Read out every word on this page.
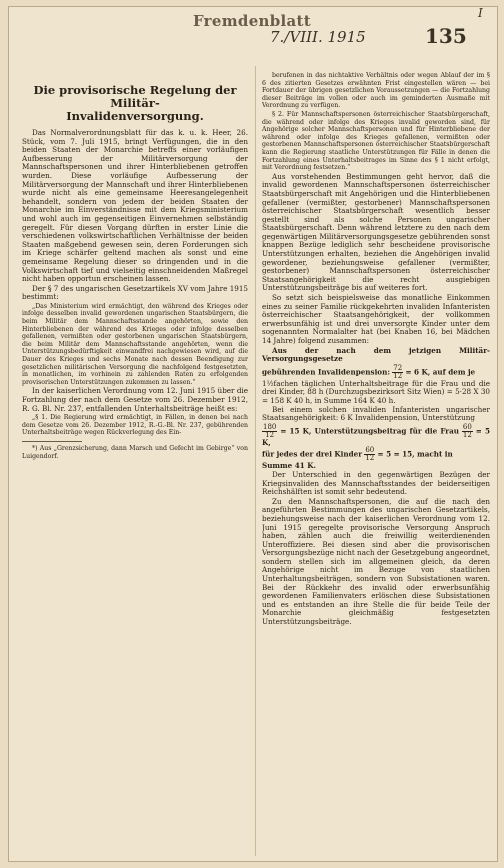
Fremdenblatt
7./VIII. 1915	135
I
Die provisorische Regelung der Militär-
Invalidenversorgung.

Das Normalverordnungsblatt für das k. u. k. Heer, 26. Stück, vom 7. Juli 1915, bringt Verfügungen, die in den beiden Staaten der Monarchie betreffs einer vorläufigen Aufbesserung der Militärversorgung der Mannschaftspersonen und ihrer Hinterbliebenen getroffen wurden. Diese vorläufige Aufbesserung der Militärversorgung der Mannschaft und ihrer Hinterbliebenen wurde nicht als eine gemeinsame Heeresangelegenheit behandelt, sondern von jedem der beiden Staaten der Monarchie im Einverständnisse mit dem Kriegsministerium und wohl auch im gegenseitigen Einvernehmen selbständig geregelt. Für diesen Vorgang dürften in erster Linie die verschiedenen volkswirtschaftlichen Verhältnisse der beiden Staaten maßgebend gewesen sein, deren Forderungen sich im Kriege schärfer geltend machen als sonst und eine gemeinsame Regelung dieser so dringenden und in die Volkswirtschaft tief und vielseitig einschneidenden Maßregel nicht haben opportun erscheinen lassen.

Der § 7 des ungarischen Gesetzartikels XV vom Jahre 1915 bestimmt:

„Das Ministerium wird ermächtigt, den während des Krieges oder infolge desselben invalid gewordenen ungarischen Staatsbürgern, die beim Militär dem Mannschaftsstande angehörten, sowie den Hinterbliebenen der während des Krieges oder infolge desselben gefallenen, vermißten oder gestorbenen ungarischen Staatsbürgern, die beim Militär dem Mannschaftsstande angehörten, wenn die Unterstützungsbedürftigkeit einwandfrei nachgewiesen wird, auf die Dauer des Krieges und sechs Monate nach dessen Beendigung zur gesetzlichen militärischen Versorgung die nachfolgend festgesetzten, in monatlichen, im vorhinein zu zahlenden Raten zu erfolgenden provisorischen Unterstützungen zukommen zu lassen.“

In der kaiserlichen Verordnung vom 12. Juni 1915 über die Fortzahlung der nach dem Gesetze vom 26. Dezember 1912, R. G. Bl. Nr. 237, entfallenden Unterhaltsbeiträge heißt es:

„§ 1. Die Regierung wird ermächtigt, in Fällen, in denen bei nach dem Gesetze vom 26. Dezember 1912, R.-G.-Bl. Nr. 237, gebührenden Unterhaltsbeiträge wegen Rückverlegung des Ein-

*) Aus „Grenzsicherung, dann Marsch und Gefecht im Gebirge“ von Luigendorf.

berufenen in das nichtaktive Verhältnis oder wegen Ablauf der im § 6 des zitierten Gesetzes erwähnten Frist eingestellen wären — bei Fortdauer der übrigen gesetzlichen Voraussetzungen — die Fortzahlung dieser Beiträge im vollen oder auch im geminderten Ausmaße mit Verordnung zu verfügen.

§ 2. Für Mannschaftspersonen österreichischer Staatsbürgerschaft, die während oder infolge des Krieges invalid geworden sind, für Angehörige solcher Mannschaftspersonen und für Hinterbliebene der während oder infolge des Krieges gefallenen, vermißten oder gestorbenen Mannschaftspersonen österreichischer Staatsbürgerschaft kann die Regierung staatliche Unterstützungen für Fälle in denen die Fortzahlung eines Unterhaltsbeitrages im Sinne des § 1 nicht erfolgt, mit Verordnung festsetzen.“

Aus vorstehenden Bestimmungen geht hervor, daß die invalid gewordenen Mannschaftspersonen österreichischer Staatsbürgerschaft mit Angehörigen und die Hinterbliebenen gefallener (vermißter, gestorbener) Mannschaftspersonen österreichischer Staatsbürgerschaft wesentlich besser gestellt sind als solche Personen ungarischer Staatsbürgerschaft. Denn während letztere zu den nach dem gegenwärtigen Militärversorgungsgesetze gebührenden sonst knappen Bezüge lediglich sehr bescheidene provisorische Unterstützungen erhalten, beziehen die Angehörigen invalid gewordener, beziehungsweise gefallener (vermißter, gestorbener) Mannschaftspersonen österreichischer Staatsangehörigkeit die recht ausgiebigen Unterstützungsbeiträge bis auf weiteres fort.

So setzt sich beispielsweise das monatliche Einkommen eines zu seiner Familie rückgekehrten invaliden Infanteristen österreichischer Staatsangehörigkeit, der vollkommen erwerbsunfähig ist und drei unversorgte Kinder unter dem sogenannten Normalalter hat (bei Knaben 16, bei Mädchen 14 Jahre) folgend zusammen:

Aus der nach dem jetzigen Militär-Versorgungsgesetze

gebührenden Invalidenpension: $\frac{72}{12} = 6$ K, auf dem je

1½fachen täglichen Unterhaltsbeitrage für die Frau und die drei Kinder, 88 h (Durchzugsbezirksort Sitz Wien) = 5·28 X 30 = 158 K 40 h, in Summe 164 K 40 h.

Bei einem solchen invaliden Infanteristen ungarischer Staatsangehörigkeit: 6 K Invalidenpension, Unterstützung

$\frac{180}{12} = 15$ K, Unterstützungsbeitrag für die Frau $\frac{60}{12} = 5$ K,

für jedes der drei Kinder $\frac{60}{12} = 5 = 15$, macht in

Summe 41 K.

Der Unterschied in den gegenwärtigen Bezügen der Kriegsinvaliden des Mannschaftsstandes der beiderseitigen Reichshälften ist somit sehr bedeutend.

Zu den Mannschaftspersonen, die auf die nach den angeführten Bestimmungen des ungarischen Gesetzartikels, beziehungsweise nach der kaiserlichen Verordnung vom 12. Juni 1915 geregelte provisorische Versorgung Anspruch haben, zählen auch die freiwillig weiterdienenden Unteroffiziere. Bei diesen sind aber die provisorischen Versorgungsbezüge nicht nach der Gesetzgebung angeordnet, sondern stellen sich im allgemeinen gleich, da deren Angehörige nicht im Bezuge von staatlichen Unterhaltungsbeiträgen, sondern von Subsistationen waren. Bei der Rückkehr des invalid oder erwerbsunfähig gewordenen Familienvaters erlöschen diese Subsistationen und es entstanden an ihre Stelle die für beide Teile der Monarchie gleichmäßig festgesetzten Unterstützungsbeiträge.
